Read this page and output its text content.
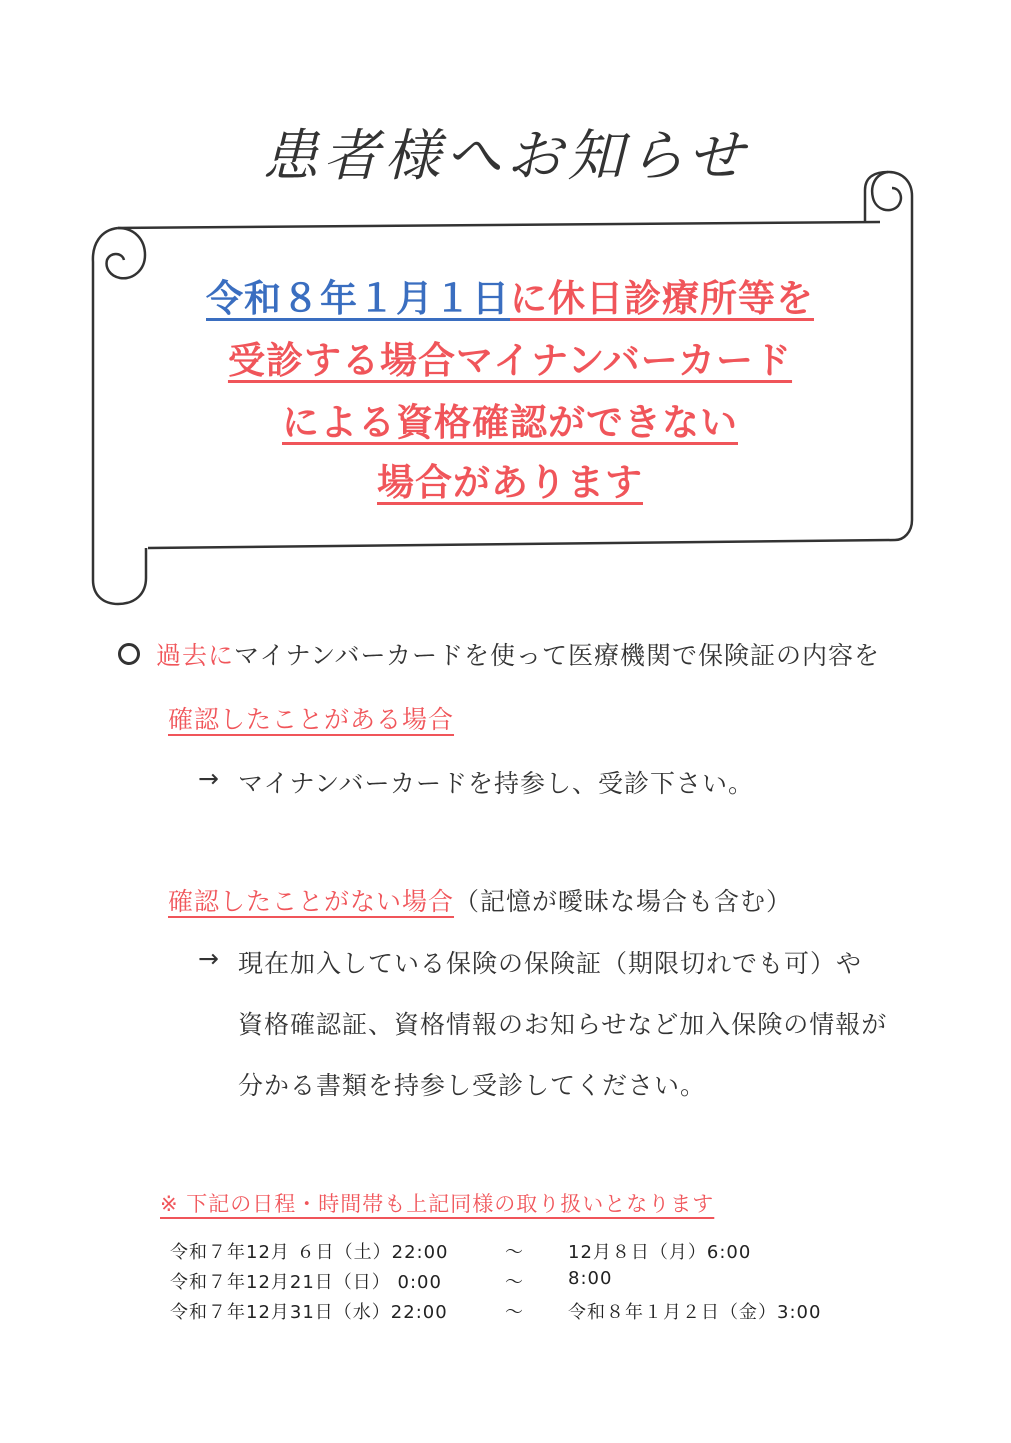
患者様へお知らせ
令和８年１月１日に休日診療所等を
受診する場合マイナンバーカード
による資格確認ができない
場合があります
過去にマイナンバーカードを使って医療機関で保険証の内容を
確認したことがある場合
→ マイナンバーカードを持参し、受診下さい。
確認したことがない場合（記憶が曖昧な場合も含む）
→ 現在加入している保険の保険証（期限切れでも可）や
資格確認証、資格情報のお知らせなど加入保険の情報が
分かる書類を持参し受診してください。
※ 下記の日程・時間帯も上記同様の取り扱いとなります
令和７年12月 ６日（土）22:00	～ 12月８日（月）6:00
令和７年12月21日（日） 0:00	～ 8:00
令和７年12月31日（水）22:00	～ 令和８年１月２日（金）3:00
